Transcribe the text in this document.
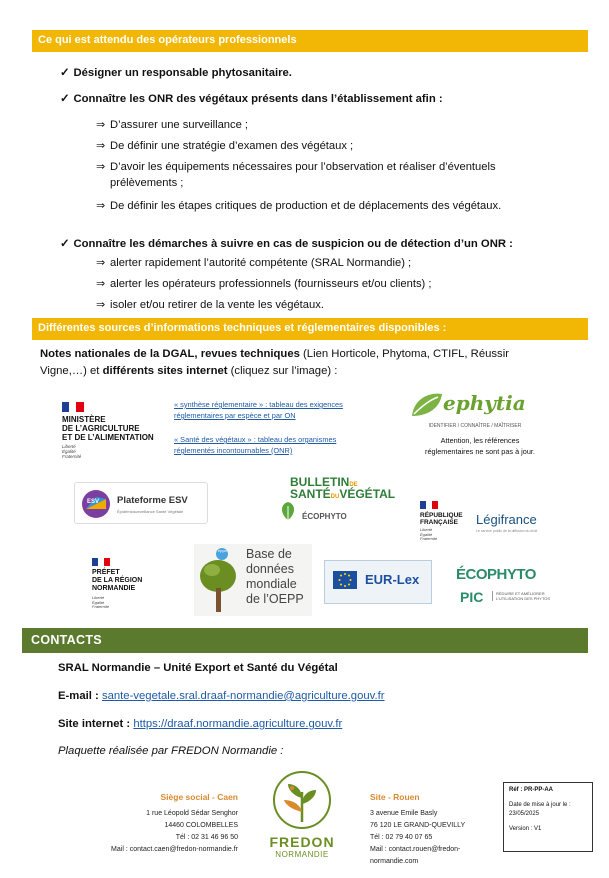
Ce qui est attendu des opérateurs professionnels
✓ Désigner un responsable phytosanitaire.
✓ Connaître les ONR des végétaux présents dans l’établissement afin :
⇒ D’assurer une surveillance ;
⇒ De définir une stratégie d’examen des végétaux ;
⇒ D’avoir les équipements nécessaires pour l’observation et réaliser d’éventuels
prélèvements ;
⇒ De définir les étapes critiques de production et de déplacements des végétaux.
✓ Connaître les démarches à suivre en cas de suspicion ou de détection d’un ONR :
⇒ alerter rapidement l’autorité compétente (SRAL Normandie) ;
⇒ alerter les opérateurs professionnels (fournisseurs et/ou clients) ;
⇒ isoler et/ou retirer de la vente les végétaux.
Différentes sources d’informations techniques et réglementaires disponibles :
Notes nationales de la DGAL, revues techniques (Lien Horticole, Phytoma, CTIFL, Réussir
Vigne,…) et différents sites internet (cliquez sur l’image) :
MINISTÈRE
DE L’AGRICULTURE
ET DE L’ALIMENTATION
Liberté
Égalité
Fraternité
« synthèse réglementaire » : tableau des exigences
réglementaires par espèce et par ON
« Santé des végétaux » : tableau des organismes
réglementés incontournables (ONR)
ephytia
IDENTIFIER / CONNAÎTRE / MAÎTRISER
Attention, les références
réglementaires ne sont pas à jour.
ESV Plateforme ESV
Épidémiosurveillance Santé Végétale
BULLETINDE
SANTÉDUVÉGÉTAL
ÉCOPHYTO	RÉPUBLIQUE
FRANÇAISE
Liberté
Égalité
Fraternité
Légifrance
Le service public de la diffusion du droit
PRÉFET
DE LA RÉGION
NORMANDIE
Liberté
Égalité
Fraternité
eppo Base de
données
mondiale
de l’OEPP
EUR-Lex ÉCOPHYTO
PIC	RÉDUIRE ET AMÉLIORER
L’UTILISATION DES PHYTOS
CONTACTS
SRAL Normandie – Unité Export et Santé du Végétal
E-mail : sante-vegetale.sral.draaf-normandie@agriculture.gouv.fr
Site internet : https://draaf.normandie.agriculture.gouv.fr
Plaquette réalisée par FREDON Normandie :
Siège social - Caen
1 rue Léopold Sédar Senghor
14460 COLOMBELLES
Tél : 02 31 46 96 50
Mail : contact.caen@fredon-normandie.fr	FREDON
NORMANDIE
Site - Rouen
3 avenue Emile Basly
76 120 LE GRAND-QUEVILLY
Tél : 02 79 40 07 65
Mail : contact.rouen@fredon-normandie.com
Réf : PR-PP-AA
Date de mise à jour le :
23/05/2025
Version : V1
